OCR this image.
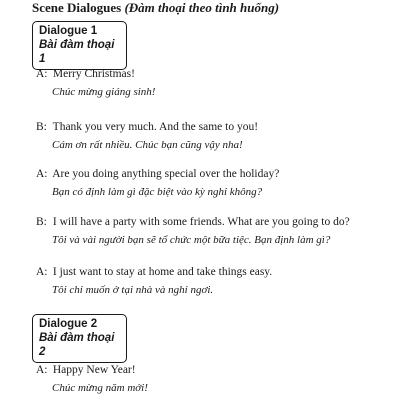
Scene Dialogues (Đàm thoại theo tình huống)
Dialogue 1
Bài đàm thoại 1
A: Merry Christmas!
Chúc mừng giáng sinh!
B: Thank you very much. And the same to you!
Cám ơn rất nhiều. Chúc bạn cũng vậy nha!
A: Are you doing anything special over the holiday?
Bạn có định làm gì đặc biệt vào kỳ nghỉ không?
B: I will have a party with some friends. What are you going to do?
Tôi và vài người bạn sẽ tổ chức một bữa tiệc. Bạn định làm gì?
A: I just want to stay at home and take things easy.
Tôi chỉ muốn ở tại nhà và nghỉ ngơi.
Dialogue 2
Bài đàm thoại 2
A: Happy New Year!
Chúc mừng năm mới!
